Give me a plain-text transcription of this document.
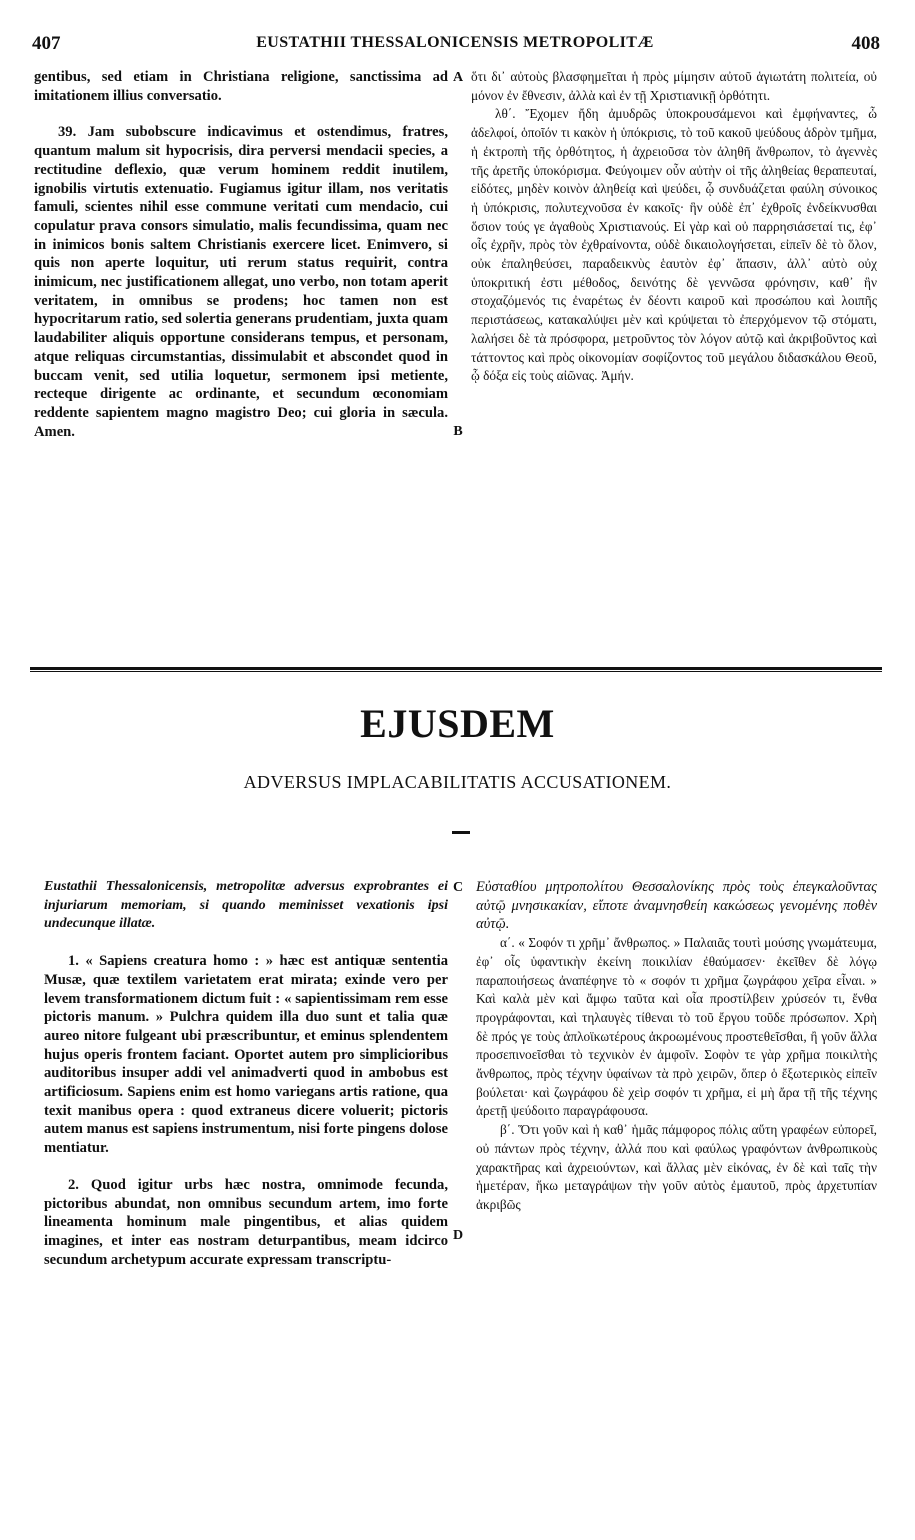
407	EUSTATHII THESSALONICENSIS METROPOLITÆ	408

gentibus, sed etiam in Christiana religione, sanctissima ad imitationem illius conversatio.

39. Jam subobscure indicavimus et ostendimus, fratres, quantum malum sit hypocrisis, dira perversi mendacii species, a rectitudine deflexio, quæ verum hominem reddit inutilem, ignobilis virtutis extenuatio. Fugiamus igitur illam, nos veritatis famuli, scientes nihil esse commune veritati cum mendacio, cui copulatur prava consors simulatio, malis fecundissima, quam nec in inimicos bonis saltem Christianis exercere licet. Enimvero, si quis non aperte loquitur, uti rerum status requirit, contra inimicum, nec justificationem allegat, uno verbo, non totam aperit veritatem, in omnibus se prodens; hoc tamen non est hypocritarum ratio, sed solertia generans prudentiam, juxta quam laudabiliter aliquis opportune considerans tempus, et personam, atque reliquas circumstantias, dissimulabit et abscondet quod in buccam venit, sed utilia loquetur, sermonem ipsi metiente, recteque dirigente ac ordinante, et secundum œconomiam reddente sapientem magno magistro Deo; cui gloria in sæcula. Amen.

A
B

ὅτι δι᾽ αὐτοὺς βλασφημεῖται ἡ πρὸς μίμησιν αὐτοῦ ἁγιωτάτη πολιτεία, οὐ μόνον ἐν ἔθνεσιν, ἀλλὰ καὶ ἐν τῇ Χριστιανικῇ ὀρθότητι.

λθ΄. Ἔχομεν ἤδη ἀμυδρῶς ὑποκρουσάμενοι καὶ ἐμφήναντες, ὦ ἀδελφοί, ὁποῖόν τι κακὸν ἡ ὑπόκρισις, τὸ τοῦ κακοῦ ψεύδους ἁδρὸν τμῆμα, ἡ ἐκτροπὴ τῆς ὀρθότητος, ἡ ἀχρειοῦσα τὸν ἀληθῆ ἄνθρωπον, τὸ ἀγεννὲς τῆς ἀρετῆς ὑποκόρισμα. Φεύγοιμεν οὖν αὐτὴν οἱ τῆς ἀληθείας θεραπευταί, εἰδότες, μηδὲν κοινὸν ἀληθείᾳ καὶ ψεύδει, ᾧ συνδυάζεται φαύλη σύνοικος ἡ ὑπόκρισις, πολυτεχνοῦσα ἐν κακοῖς· ἣν οὐδὲ ἐπ᾽ ἐχθροῖς ἐνδείκνυσθαι ὅσιον τούς γε ἀγαθοὺς Χριστιανούς. Εἰ γὰρ καὶ οὐ παρρησιάσεταί τις, ἐφ᾽ οἷς ἐχρῆν, πρὸς τὸν ἐχθραίνοντα, οὐδὲ δικαιολογήσεται, εἰπεῖν δὲ τὸ ὅλον, οὐκ ἐπαληθεύσει, παραδεικνὺς ἑαυτὸν ἐφ᾽ ἅπασιν, ἀλλ᾽ αὐτὸ οὐχ ὑποκριτική ἐστι μέθοδος, δεινότης δὲ γεννῶσα φρόνησιν, καθ᾽ ἣν στοχαζόμενός τις ἐναρέτως ἐν δέοντι καιροῦ καὶ προσώπου καὶ λοιπῆς περιστάσεως, κατακαλύψει μὲν καὶ κρύψεται τὸ ἐπερχόμενον τῷ στόματι, λαλήσει δὲ τὰ πρόσφορα, μετροῦντος τὸν λόγον αὐτῷ καὶ ἀκριβοῦντος καὶ τάττοντος καὶ πρὸς οἰκονομίαν σοφίζοντος τοῦ μεγάλου διδασκάλου Θεοῦ, ᾧ δόξα εἰς τοὺς αἰῶνας. Ἀμήν.

EJUSDEM
ADVERSUS IMPLACABILITATIS ACCUSATIONEM.
C
D

Eustathii Thessalonicensis, metropolitæ adversus exprobrantes ei injuriarum memoriam, si quando meminisset vexationis ipsi undecunque illatæ.

1. « Sapiens creatura homo : » hæc est antiquæ sententia Musæ, quæ textilem varietatem erat mirata; exinde vero per levem transformationem dictum fuit : « sapientissimam rem esse pictoris manum. » Pulchra quidem illa duo sunt et talia quæ aureo nitore fulgeant ubi præscribuntur, et eminus splendentem hujus operis frontem faciant. Oportet autem pro simplicioribus auditoribus insuper addi vel animadverti quod in ambobus est artificiosum. Sapiens enim est homo variegans artis ratione, qua texit manibus opera : quod extraneus dicere voluerit; pictoris autem manus est sapiens instrumentum, nisi forte pingens dolose mentiatur.

2. Quod igitur urbs hæc nostra, omnimode fecunda, pictoribus abundat, non omnibus secundum artem, imo forte lineamenta hominum male pingentibus, et alias quidem imagines, et inter eas nostram deturpantibus, meam idcirco secundum archetypum accurate expressam transcriptu-

Εὐσταθίου μητροπολίτου Θεσσαλονίκης πρὸς τοὺς ἐπεγκαλοῦντας αὐτῷ μνησικακίαν, εἴποτε ἀναμνησθείη κακώσεως γενομένης ποθὲν αὐτῷ.

α΄. « Σοφόν τι χρῆμ᾽ ἄνθρωπος. » Παλαιᾶς τουτὶ μούσης γνωμάτευμα, ἐφ᾽ οἷς ὑφαντικὴν ἐκείνη ποικιλίαν ἐθαύμασεν· ἐκεῖθεν δὲ λόγῳ παραποιήσεως ἀναπέφηνε τὸ « σοφόν τι χρῆμα ζωγράφου χεῖρα εἶναι. » Καὶ καλὰ μὲν καὶ ἄμφω ταῦτα καὶ οἷα προστίλβειν χρύσεόν τι, ἔνθα προγράφονται, καὶ τηλαυγὲς τίθεναι τὸ τοῦ ἔργου τοῦδε πρόσωπον. Χρὴ δὲ πρός γε τοὺς ἁπλοϊκωτέρους ἀκροωμένους προστεθεῖσθαι, ἢ γοῦν ἄλλα προσεπινοεῖσθαι τὸ τεχνικὸν ἐν ἀμφοῖν. Σοφὸν τε γὰρ χρῆμα ποικιλτὴς ἄνθρωπος, πρὸς τέχνην ὑφαίνων τὰ πρὸ χειρῶν, ὅπερ ὁ ἔξωτερικὸς εἰπεῖν βούλεται· καὶ ζωγράφου δὲ χεὶρ σοφόν τι χρῆμα, εἰ μὴ ἄρα τῇ τῆς τέχνης ἀρετῇ ψεύδοιτο παραγράφουσα.

β΄. Ὅτι γοῦν καὶ ἡ καθ᾽ ἡμᾶς πάμφορος πόλις αὕτη γραφέων εὐπορεῖ, οὐ πάντων πρὸς τέχνην, ἀλλά που καὶ φαύλως γραφόντων ἀνθρωπικοὺς χαρακτῆρας καὶ ἀχρειούντων, καὶ ἄλλας μὲν εἰκόνας, ἐν δὲ καὶ ταῖς τὴν ἡμετέραν, ἥκω μεταγράψων τὴν γοῦν αὐτὸς ἐμαυτοῦ, πρὸς ἀρχετυπίαν ἀκριβῶς
